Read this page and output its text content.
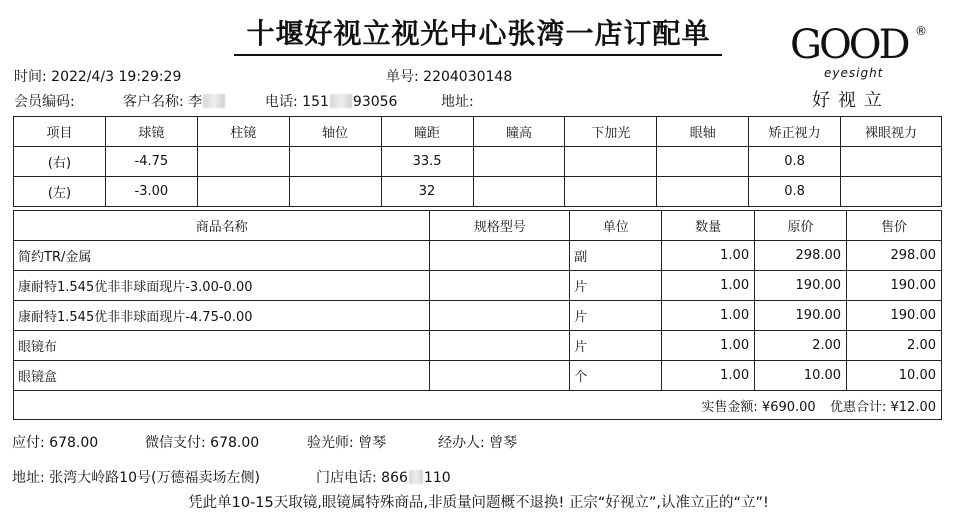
十堰好视立视光中心张湾一店订配单	GOOD ®
eyesight
好视立
时间: 2022/4/3 19:29:29	单号: 2204030148
会员编码:	客户名称: 李	电话: 151 93056	地址:
项目	球镜	柱镜	轴位	瞳距	瞳高	下加光	眼轴	矫正视力	裸眼视力
(右)	-4.75			33.5				0.8	
(左)	-3.00			32				0.8	
商品名称	规格型号	单位	数量	原价	售价
简约TR/金属		副	1.00	298.00	298.00
康耐特1.545优非非球面现片-3.00-0.00		片	1.00	190.00	190.00
康耐特1.545优非非球面现片-4.75-0.00		片	1.00	190.00	190.00
眼镜布		片	1.00	2.00	2.00
眼镜盒		个	1.00	10.00	10.00
实售金额: ¥690.00 优惠合计: ¥12.00					
应付: 678.00	微信支付: 678.00	验光师: 曾琴	经办人: 曾琴
地址: 张湾大岭路10号(万德福卖场左侧)	门店电话: 866 110
凭此单10-15天取镜,眼镜属特殊商品,非质量问题概不退换! 正宗“好视立”,认准立正的“立”!
